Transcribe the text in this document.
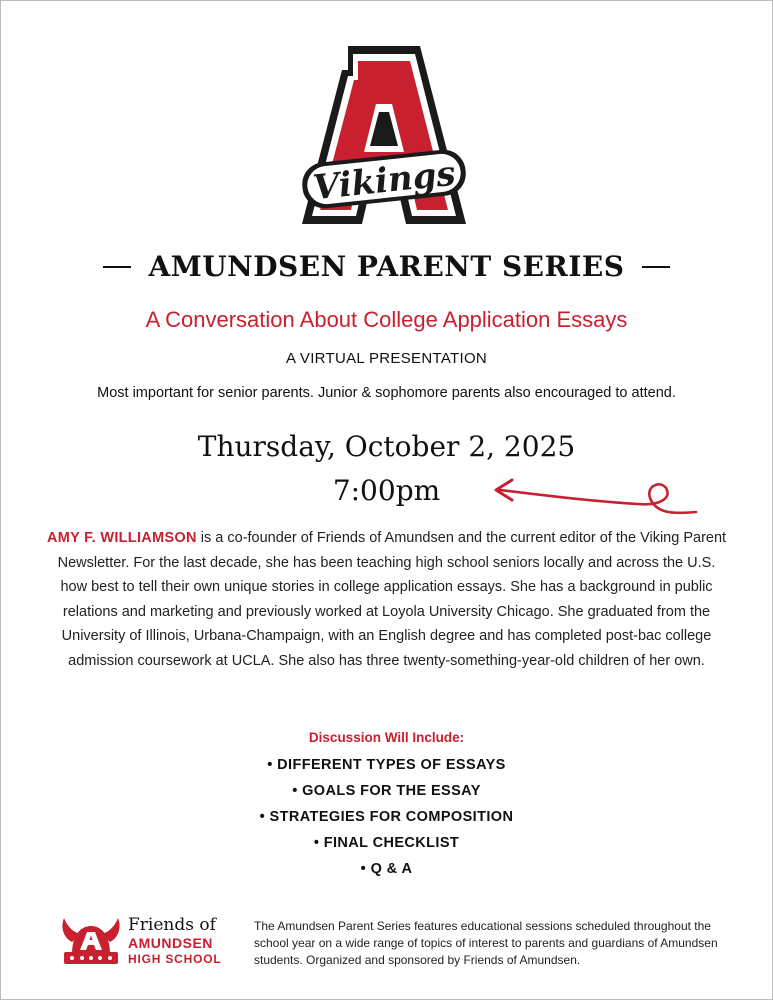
Vikings
AMUNDSEN PARENT SERIES
A Conversation About College Application Essays
A VIRTUAL PRESENTATION
Most important for senior parents. Junior & sophomore parents also encouraged to attend.
Thursday, October 2, 2025
7:00pm
AMY F. WILLIAMSON is a co-founder of Friends of Amundsen and the current editor of the Viking Parent Newsletter. For the last decade, she has been teaching high school seniors locally and across the U.S. how best to tell their own unique stories in college application essays. She has a background in public relations and marketing and previously worked at Loyola University Chicago. She graduated from the University of Illinois, Urbana-Champaign, with an English degree and has completed post-bac college admission coursework at UCLA. She also has three twenty-something-year-old children of her own.
Discussion Will Include:
• DIFFERENT TYPES OF ESSAYS
• GOALS FOR THE ESSAY
• STRATEGIES FOR COMPOSITION
• FINAL CHECKLIST
• Q & A
Friends of
AMUNDSEN
HIGH SCHOOL
The Amundsen Parent Series features educational sessions scheduled throughout the school year on a wide range of topics of interest to parents and guardians of Amundsen students. Organized and sponsored by Friends of Amundsen.
